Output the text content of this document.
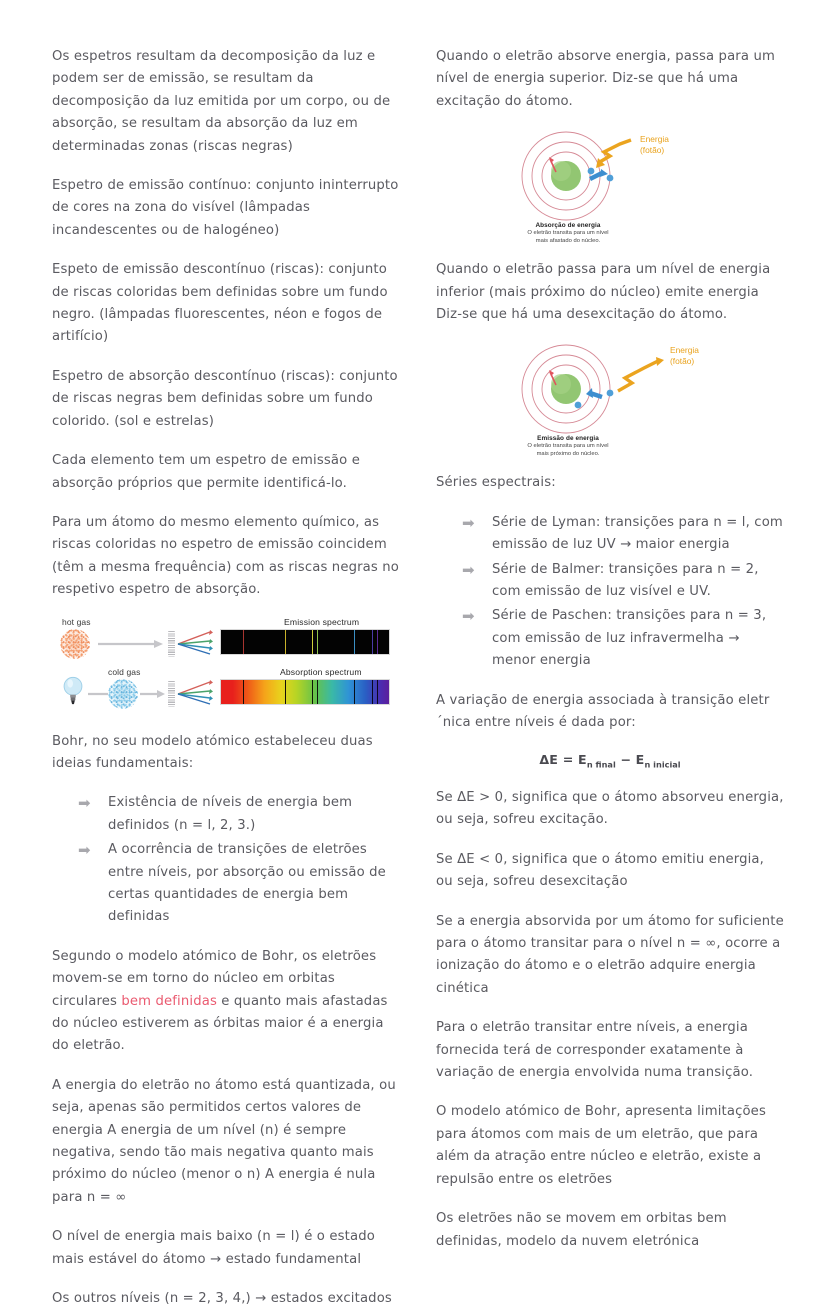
Os espetros resultam da decomposição da luz e podem ser de emissão, se resultam da decomposição da luz emitida por um corpo, ou de absorção, se resultam da absorção da luz em determinadas zonas (riscas negras)

Espetro de emissão contínuo: conjunto ininterrupto de cores na zona do visível (lâmpadas incandescentes ou de halogéneo)

Espeto de emissão descontínuo (riscas): conjunto de riscas coloridas bem definidas sobre um fundo negro. (lâmpadas fluorescentes, néon e fogos de artifício)

Espetro de absorção descontínuo (riscas): conjunto de riscas negras bem definidas sobre um fundo colorido. (sol e estrelas)

Cada elemento tem um espetro de emissão e absorção próprios que permite identificá-lo.

Para um átomo do mesmo elemento químico, as riscas coloridas no espetro de emissão coincidem (têm a mesma frequência) com as riscas negras no respetivo espetro de absorção.

hot gas	Emission spectrum
cold gas	Absorption spectrum

Bohr, no seu modelo atómico estabeleceu duas ideias fundamentais:

➡	Existência de níveis de energia bem definidos (n = l, 2, 3.)
➡	A ocorrência de transições de eletrões entre níveis, por absorção ou emissão de certas quantidades de energia bem definidas

Segundo o modelo atómico de Bohr, os eletrões movem-se em torno do núcleo em orbitas circulares bem definidas e quanto mais afastadas do núcleo estiverem as órbitas maior é a energia do eletrão.

A energia do eletrão no átomo está quantizada, ou seja, apenas são permitidos certos valores de energia A energia de um nível (n) é sempre negativa, sendo tão mais negativa quanto mais próximo do núcleo (menor o n) A energia é nula para n = ∞

O nível de energia mais baixo (n = l) é o estado mais estável do átomo → estado fundamental

Os outros níveis (n = 2, 3, 4,) → estados excitados

Quando o eletrão absorve energia, passa para um nível de energia superior. Diz-se que há uma excitação do átomo.

Energia
(fotão)
Absorção de energia
O eletrão transita para um nível
mais afastado do núcleo.

Quando o eletrão passa para um nível de energia inferior (mais próximo do núcleo) emite energia Diz-se que há uma desexcitação do átomo.

Energia
(fotão)
Emissão de energia
O eletrão transita para um nível
mais próximo do núcleo.

Séries espectrais:

➡	Série de Lyman: transições para n = l, com emissão de luz UV → maior energia
➡	Série de Balmer: transições para n = 2, com emissão de luz visível e UV.
➡	Série de Paschen: transições para n = 3, com emissão de luz infravermelha → menor energia

A variação de energia associada à transição eletr´nica entre níveis é dada por:

$\Delta E = E_{n final} - E_{n inicial}$

Se ΔE > 0, significa que o átomo absorveu energia, ou seja, sofreu excitação.

Se ΔE < 0, significa que o átomo emitiu energia, ou seja, sofreu desexcitação

Se a energia absorvida por um átomo for suficiente para o átomo transitar para o nível n = ∞, ocorre a ionização do átomo e o eletrão adquire energia cinética

Para o eletrão transitar entre níveis, a energia fornecida terá de corresponder exatamente à variação de energia envolvida numa transição.

O modelo atómico de Bohr, apresenta limitações para átomos com mais de um eletrão, que para além da atração entre núcleo e eletrão, existe a repulsão entre os eletrões

Os eletrões não se movem em orbitas bem definidas, modelo da nuvem eletrónica
